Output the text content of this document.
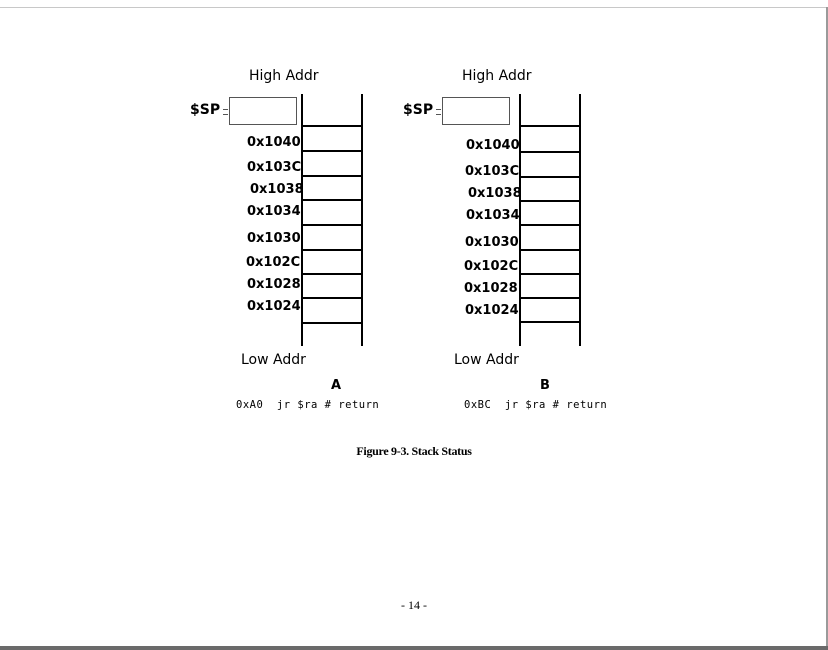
High Addr
$SP
0x1040
0x103C
0x1038
0x1034
0x1030
0x102C
0x1028
0x1024
Low Addr
A
0xA0  jr $ra # return
High Addr
$SP
0x1040
0x103C
0x1038
0x1034
0x1030
0x102C
0x1028
0x1024
Low Addr
B
0xBC  jr $ra # return
Figure 9-3. Stack Status
- 14 -
